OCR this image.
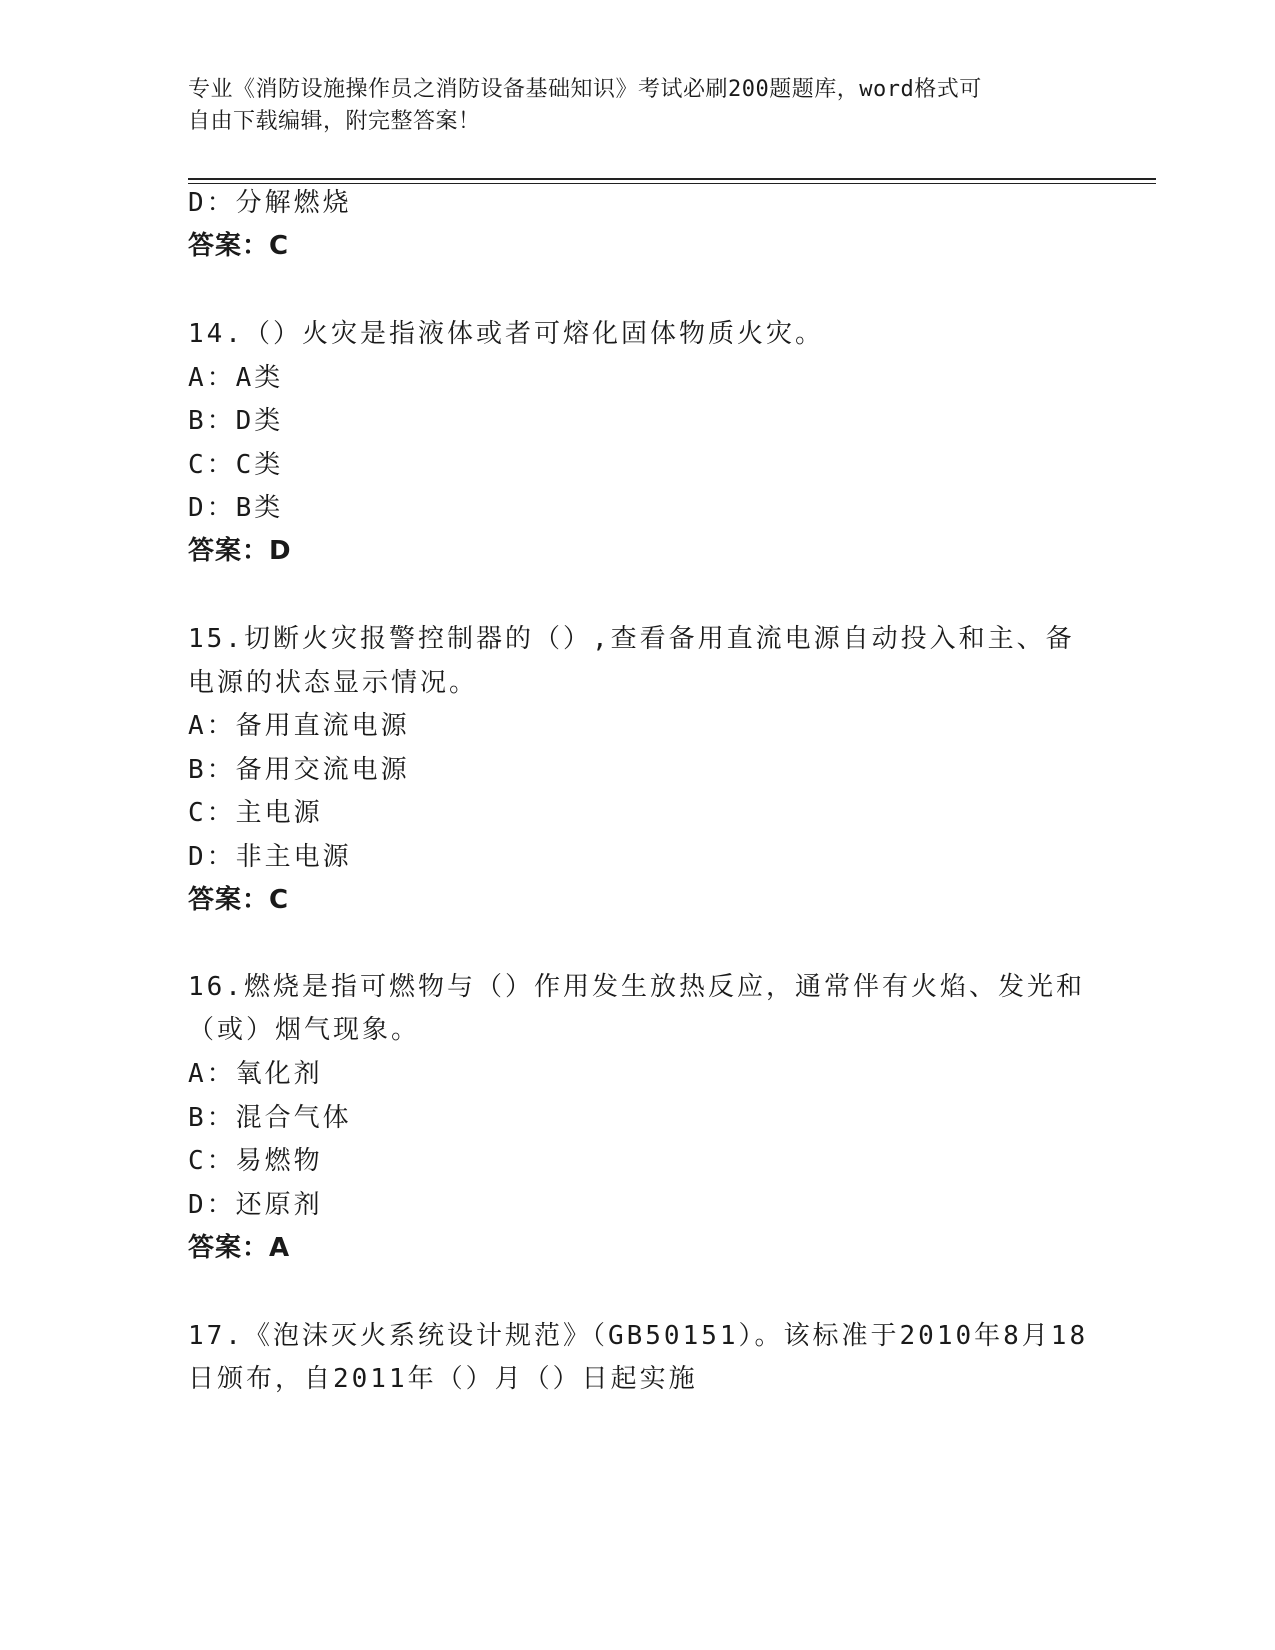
专业《消防设施操作员之消防设备基础知识》考试必刷200题题库，word格式可
自由下载编辑，附完整答案！
D：分解燃烧
答案：C
14.（）火灾是指液体或者可熔化固体物质火灾。
A：A类
B：D类
C：C类
D：B类
答案：D
15.切断火灾报警控制器的（）,查看备用直流电源自动投入和主、备
电源的状态显示情况。
A：备用直流电源
B：备用交流电源
C：主电源
D：非主电源
答案：C
16.燃烧是指可燃物与（）作用发生放热反应，通常伴有火焰、发光和
（或）烟气现象。
A：氧化剂
B：混合气体
C：易燃物
D：还原剂
答案：A
17.《泡沫灭火系统设计规范》（GB50151）。该标准于2010年8月18
日颁布，自2011年（）月（）日起实施
